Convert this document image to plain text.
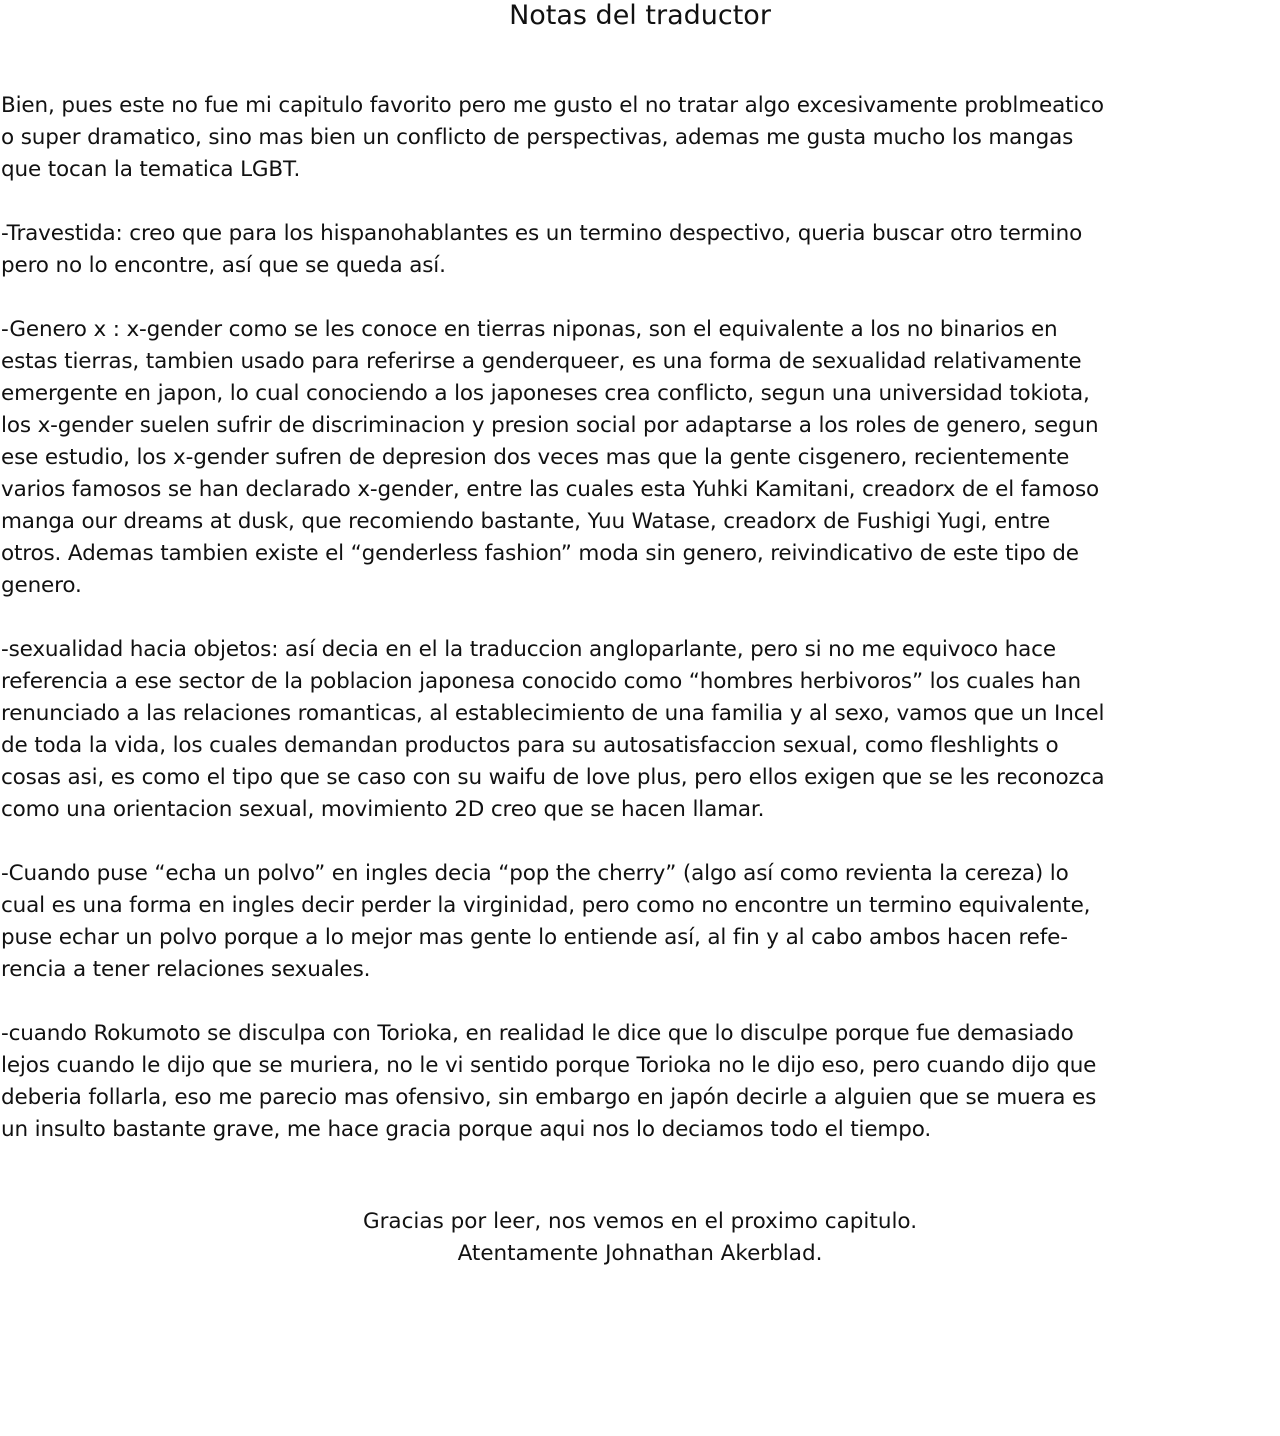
Notas del traductor

Bien, pues este no fue mi capitulo favorito pero me gusto el no tratar algo excesivamente problmeatico
o super dramatico, sino mas bien un conflicto de perspectivas, ademas me gusta mucho los mangas
que tocan la tematica LGBT.

-Travestida: creo que para los hispanohablantes es un termino despectivo, queria buscar otro termino
pero no lo encontre, así que se queda así.

-Genero x : x-gender como se les conoce en tierras niponas, son el equivalente a los no binarios en
estas tierras, tambien usado para referirse a genderqueer, es una forma de sexualidad relativamente
emergente en japon, lo cual conociendo a los japoneses crea conflicto, segun una universidad tokiota,
los x-gender suelen sufrir de discriminacion y presion social por adaptarse a los roles de genero, segun
ese estudio, los x-gender sufren de depresion dos veces mas que la gente cisgenero, recientemente
varios famosos se han declarado x-gender, entre las cuales esta Yuhki Kamitani, creadorx de el famoso
manga our dreams at dusk, que recomiendo bastante, Yuu Watase, creadorx de Fushigi Yugi, entre
otros. Ademas tambien existe el “genderless fashion” moda sin genero, reivindicativo de este tipo de
genero.

-sexualidad hacia objetos: así decia en el la traduccion angloparlante, pero si no me equivoco hace
referencia a ese sector de la poblacion japonesa conocido como “hombres herbivoros” los cuales han
renunciado a las relaciones romanticas, al establecimiento de una familia y al sexo, vamos que un Incel
de toda la vida, los cuales demandan productos para su autosatisfaccion sexual, como fleshlights o
cosas asi, es como el tipo que se caso con su waifu de love plus, pero ellos exigen que se les reconozca
como una orientacion sexual, movimiento 2D creo que se hacen llamar.

-Cuando puse “echa un polvo” en ingles decia “pop the cherry” (algo así como revienta la cereza) lo
cual es una forma en ingles decir perder la virginidad, pero como no encontre un termino equivalente,
puse echar un polvo porque a lo mejor mas gente lo entiende así, al fin y al cabo ambos hacen refe-
rencia a tener relaciones sexuales.

-cuando Rokumoto se disculpa con Torioka, en realidad le dice que lo disculpe porque fue demasiado
lejos cuando le dijo que se muriera, no le vi sentido porque Torioka no le dijo eso, pero cuando dijo que
deberia follarla, eso me parecio mas ofensivo, sin embargo en japón decirle a alguien que se muera es
un insulto bastante grave, me hace gracia porque aqui nos lo deciamos todo el tiempo.

Gracias por leer, nos vemos en el proximo capitulo.
Atentamente Johnathan Akerblad.
